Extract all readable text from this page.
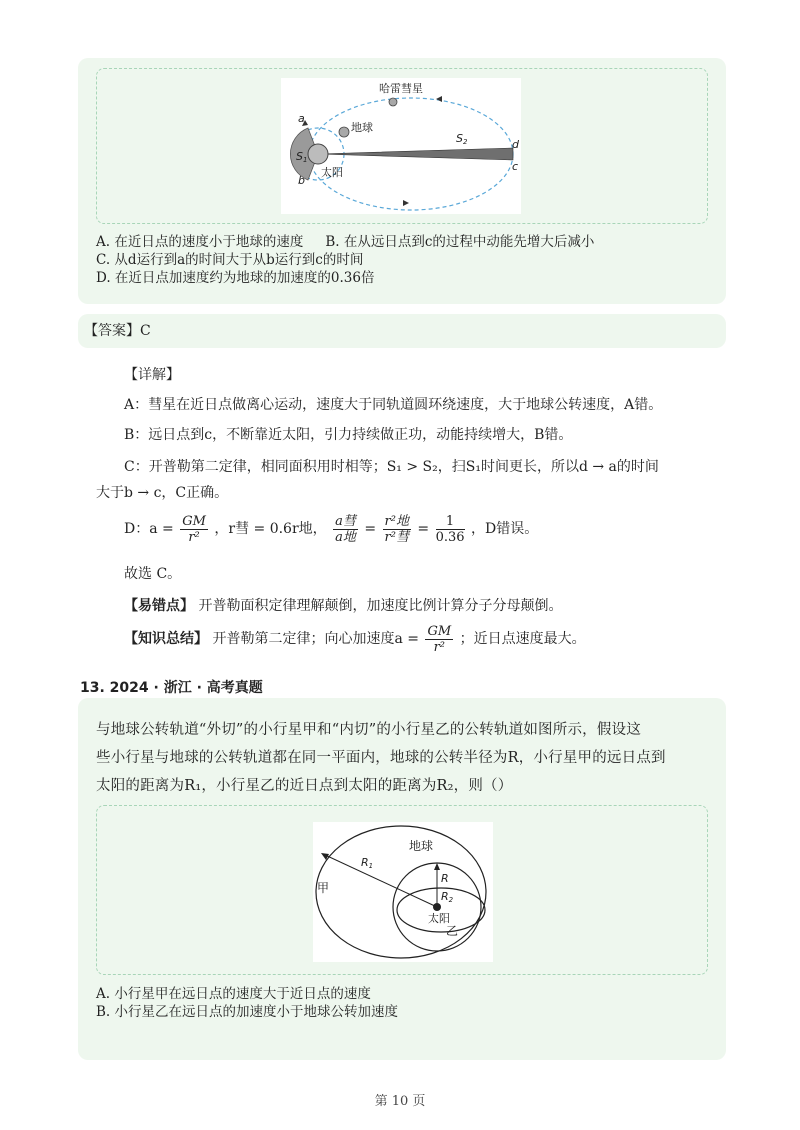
哈雷彗星
地球
太阳
S1
S2
a
b
c
d
A. 在近日点的速度小于地球的速度 B. 在从远日点到c的过程中动能先增大后减小
C. 从d运行到a的时间大于从b运行到c的时间
D. 在近日点加速度约为地球的加速度的0.36倍
【答案】C
【详解】
A：彗星在近日点做离心运动，速度大于同轨道圆环绕速度，大于地球公转速度，A错。
B：远日点到c，不断靠近太阳，引力持续做正功，动能持续增大，B错。
C：开普勒第二定律，相同面积用时相等；S₁ > S₂，扫S₁时间更长，所以d → a的时间
大于b → c，C正确。
D：$a = \frac{GM}{\text{r²}}$ ，r彗 = 0.6r地， $\frac{\text{a彗}}{\text{a地}} = \frac{\text{r²地}}{\text{r²彗}} = \frac{1}{0.36}$ ，D错误。
故选 C。
【易错点】 开普勒面积定律理解颠倒，加速度比例计算分子分母颠倒。
【知识总结】 开普勒第二定律；向心加速度$a = \frac{GM}{\text{r²}}$ ；近日点速度最大。
13. 2024 · 浙江 · 高考真题
与地球公转轨道“外切”的小行星甲和“内切”的小行星乙的公转轨道如图所示，假设这
些小行星与地球的公转轨道都在同一平面内，地球的公转半径为R，小行星甲的远日点到
太阳的距离为R₁，小行星乙的近日点到太阳的距离为R₂，则（）
地球
太阳
甲
乙
R
R1
R2
A. 小行星甲在远日点的速度大于近日点的速度
B. 小行星乙在远日点的加速度小于地球公转加速度
第 10 页
